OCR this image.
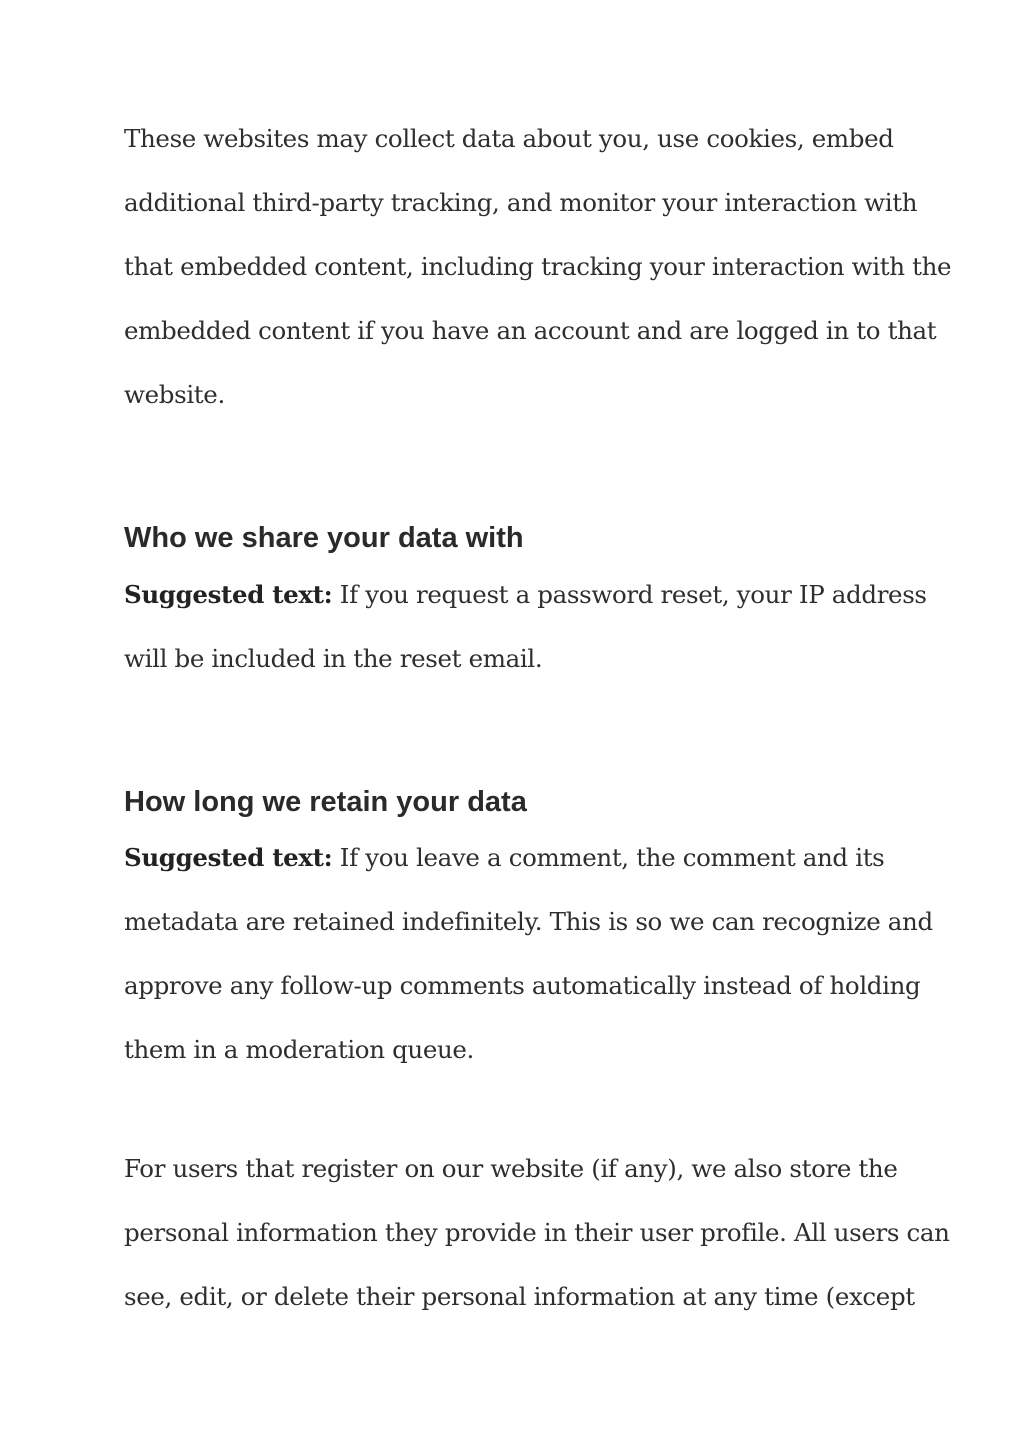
These websites may collect data about you, use cookies, embed
additional third-party tracking, and monitor your interaction with
that embedded content, including tracking your interaction with the
embedded content if you have an account and are logged in to that
website.
Who we share your data with
Suggested text: If you request a password reset, your IP address
will be included in the reset email.
How long we retain your data
Suggested text: If you leave a comment, the comment and its
metadata are retained indefinitely. This is so we can recognize and
approve any follow-up comments automatically instead of holding
them in a moderation queue.
For users that register on our website (if any), we also store the
personal information they provide in their user profile. All users can
see, edit, or delete their personal information at any time (except
